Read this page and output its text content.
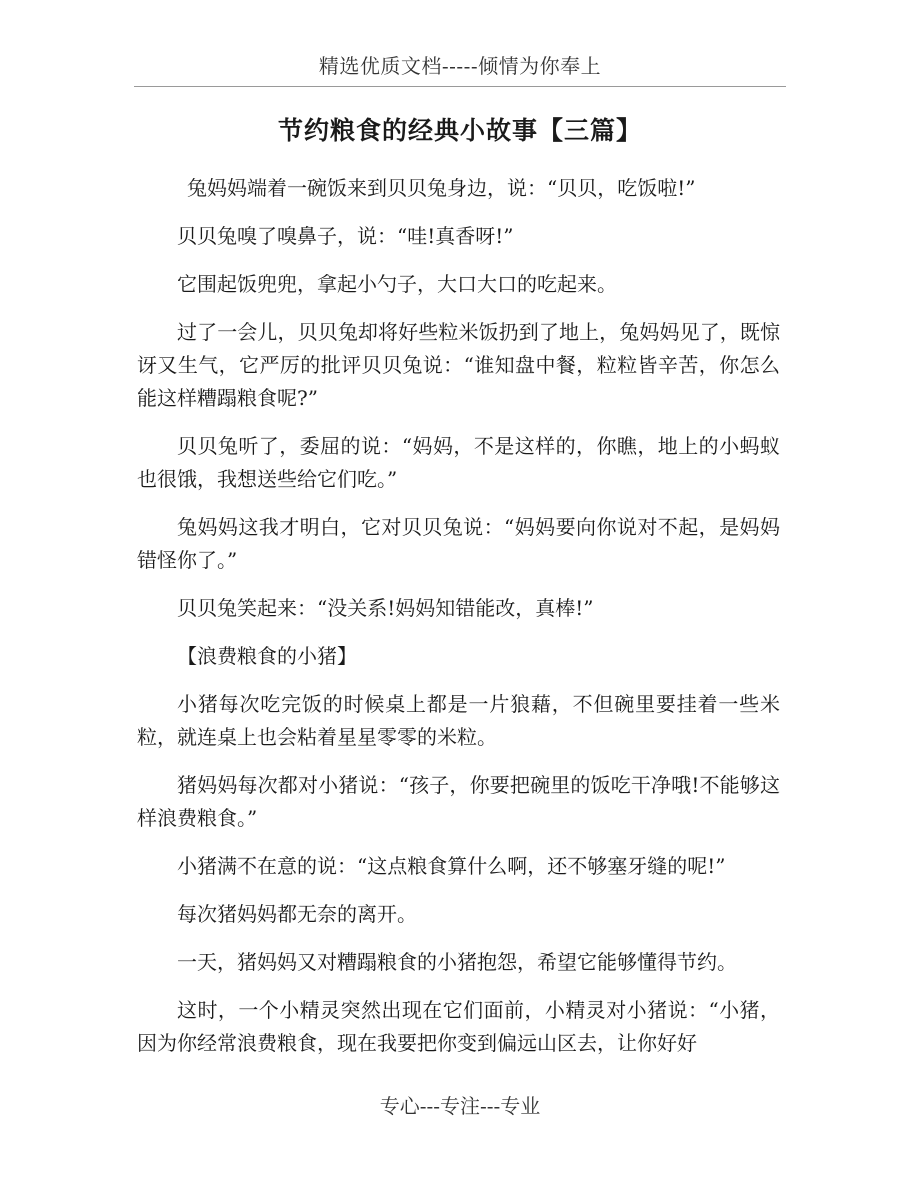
精选优质文档-----倾情为你奉上
节约粮食的经典小故事【三篇】

兔妈妈端着一碗饭来到贝贝兔身边，说：“贝贝，吃饭啦!”

贝贝兔嗅了嗅鼻子，说：“哇!真香呀!”

它围起饭兜兜，拿起小勺子，大口大口的吃起来。

过了一会儿，贝贝兔却将好些粒米饭扔到了地上，兔妈妈见了，既惊讶又生气，它严厉的批评贝贝兔说：“谁知盘中餐，粒粒皆辛苦，你怎么能这样糟蹋粮食呢?”

贝贝兔听了，委屈的说：“妈妈，不是这样的，你瞧，地上的小蚂蚁也很饿，我想送些给它们吃。”

兔妈妈这我才明白，它对贝贝兔说：“妈妈要向你说对不起，是妈妈错怪你了。”

贝贝兔笑起来：“没关系!妈妈知错能改，真棒!”

【浪费粮食的小猪】

小猪每次吃完饭的时候桌上都是一片狼藉，不但碗里要挂着一些米粒，就连桌上也会粘着星星零零的米粒。

猪妈妈每次都对小猪说：“孩子，你要把碗里的饭吃干净哦!不能够这样浪费粮食。”

小猪满不在意的说：“这点粮食算什么啊，还不够塞牙缝的呢!”

每次猪妈妈都无奈的离开。

一天，猪妈妈又对糟蹋粮食的小猪抱怨，希望它能够懂得节约。

这时，一个小精灵突然出现在它们面前，小精灵对小猪说：“小猪，因为你经常浪费粮食，现在我要把你变到偏远山区去，让你好好

专心---专注---专业
